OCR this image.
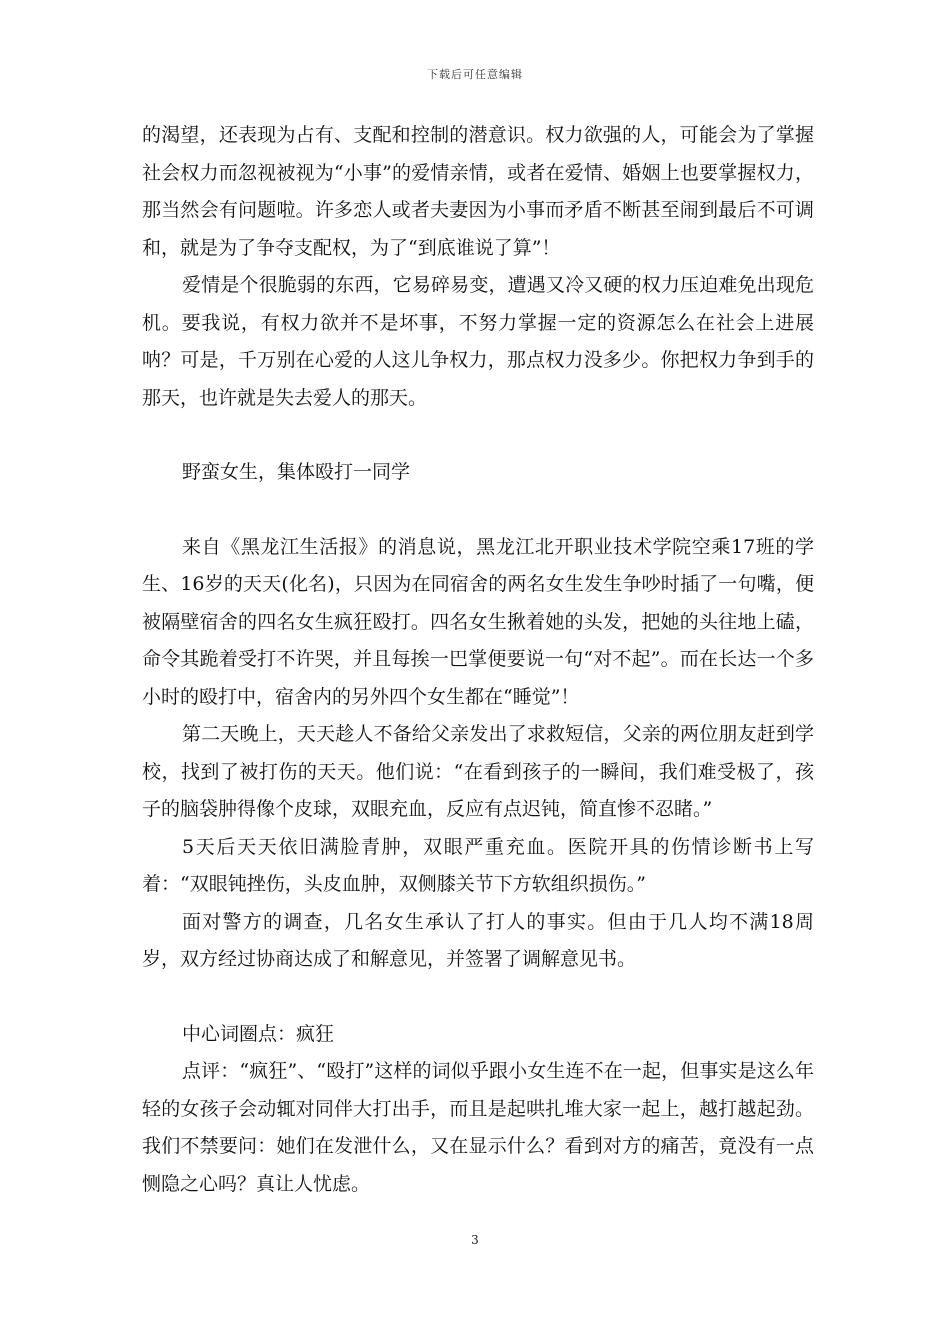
下载后可任意编辑

的渴望，还表现为占有、支配和控制的潜意识。权力欲强的人，可能会为了掌握社会权力而忽视被视为“小事”的爱情亲情，或者在爱情、婚姻上也要掌握权力，那当然会有问题啦。许多恋人或者夫妻因为小事而矛盾不断甚至闹到最后不可调和，就是为了争夺支配权，为了“到底谁说了算”！

爱情是个很脆弱的东西，它易碎易变，遭遇又冷又硬的权力压迫难免出现危机。要我说，有权力欲并不是坏事，不努力掌握一定的资源怎么在社会上进展呐？可是，千万别在心爱的人这儿争权力，那点权力没多少。你把权力争到手的那天，也许就是失去爱人的那天。

野蛮女生，集体殴打一同学

来自《黑龙江生活报》的消息说，黑龙江北开职业技术学院空乘17班的学生、16岁的天天(化名)，只因为在同宿舍的两名女生发生争吵时插了一句嘴，便被隔壁宿舍的四名女生疯狂殴打。四名女生揪着她的头发，把她的头往地上磕，命令其跪着受打不许哭，并且每挨一巴掌便要说一句“对不起”。而在长达一个多小时的殴打中，宿舍内的另外四个女生都在“睡觉”！

第二天晚上，天天趁人不备给父亲发出了求救短信，父亲的两位朋友赶到学校，找到了被打伤的天天。他们说：“在看到孩子的一瞬间，我们难受极了，孩子的脑袋肿得像个皮球，双眼充血，反应有点迟钝，简直惨不忍睹。”

5天后天天依旧满脸青肿，双眼严重充血。医院开具的伤情诊断书上写着：“双眼钝挫伤，头皮血肿，双侧膝关节下方软组织损伤。”

面对警方的调查，几名女生承认了打人的事实。但由于几人均不满18周岁，双方经过协商达成了和解意见，并签署了调解意见书。

中心词圈点：疯狂

点评：“疯狂”、“殴打”这样的词似乎跟小女生连不在一起，但事实是这么年轻的女孩子会动辄对同伴大打出手，而且是起哄扎堆大家一起上，越打越起劲。我们不禁要问：她们在发泄什么，又在显示什么？看到对方的痛苦，竟没有一点恻隐之心吗？真让人忧虑。

3
